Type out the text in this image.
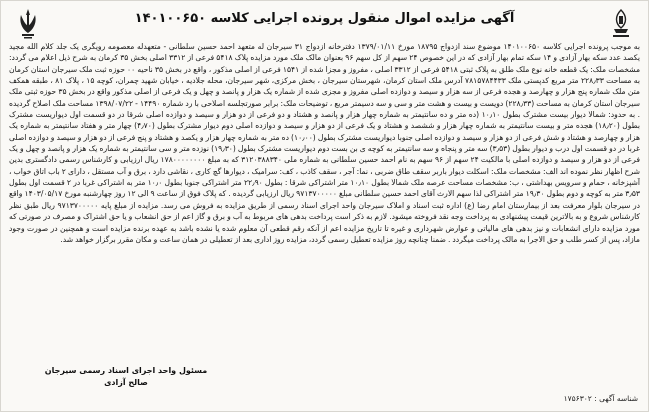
آگهی مزایده اموال منقول پرونده اجرایی کلاسه ۱۴۰۱۰۰۶۵۰
به موجب پرونده اجرایی کلاسه ۱۴۰۱۰۰۶۵۰ موضوع سند ازدواج ۱۸۷۹۵ مورخ ۱۳۷۹/۰۱/۱۱ دفترخانه ازدواج ۳۱ سیرجان له متعهد احمد حسین سلطانی - متعهدله معصومه رویگری یک جلد کلام الله مجید یکصد عدد سکه بهار آزادی و ۱۴ سکه تمام بهار آزادی که در این خصوص ۲۴ سهم از کل سهم ۹۶ بعنوان مالک ملک مورد مزایده پلاک ۵۴۱۸ فرعی از ۳۳۱۲ اصلی بخش ۳۵ کرمان به شرح ذیل اعلام می گردد: مشخصات ملک: یک قطعه خانه نوع ملک طلق به پلاک ثبتی ۵۴۱۸ فرعی از ۳۳۱۲ اصلی ، مفروز و مجزا شده از ۱۵۴۱ فرعی از اصلی مذکور ، واقع در بخش ۳۵ ناحیه ۰۰ حوزه ثبت ملک سیرجان استان کرمان به مساحت ۲۲۸٫۳۳ متر مربع کدپستی ملک ۷۸۱۵۷۸۴۴۳۳ آدرس ملک استان کرمان، شهرستان سیرجان ، بخش مرکزی، شهر سیرجان، محله جلادیه ، خیابان شهید چمران، کوچه ۱۵ ، پلاک ۸۱ ، طبقه همکف متن ملک شماره پنج هزار و چهارصد و هجده فرعی از سه هزار و سیصد و دوازده اصلی مفروز و مجزی شده از شماره یک هزار و پانصد و چهل و یک فرعی از اصلی مذکور واقع در بخش ۳۵ حوزه ثبتی ملک سیرجان استان کرمان به مساحت (۲۲۸٫۳۳) دویست و بیست و هشت متر و سی و سه دسیمتر مربع ، توضیحات ملک: برابر صورتجلسه اصلاحی با رد شماره ۱۴۴۹۰ - ۱۳۹۸/۰۷/۲۲ مساحت ملک اصلاح گردیده . به حدود: شمالا دیوار بیست مشترک بطول ۱۰٫۱۰ (ده متر و ده سانتیمتر به شماره چهار هزار و پانصد و هشتاد و دو فرعی از دو هزار و سیصد و دوازده اصلی شرقا در دو قسمت اول دیواریست مشترک بطول (۱۸٫۲۰) هجده متر و بیست سانتیمتر به شماره چهار هزار و ششصد و هشتاد و یک فرعی از دو هزار و سیصد و دوازده اصلی دوم دیوار مشترک بطول (۴٫۷۰) چهار متر و هفتاد سانتیمتر به شماره یک هزار و چهارصد و هشتاد و شش فرعی از دو هزار و سیصد و دوازده اصلی جنوبا دیواریست مشترک بطول (۱۰٫۰۰) ده متر به شماره چهار هزار و یکصد و هشتاد و پنج فرعی از دو هزار و سیصد و دوازده اصلی غربا در دو قسمت اول درب و دیوار بطول (۳٫۵۳) سه متر و پنجاه و سه سانتیمتر به کوچه ی بن بست دوم دیواریست مشترک بطول (۱۹٫۳۰) نوزده متر و سی سانتیمتر به شماره یک هزار و پانصد و چهل و یک فرعی از دو هزار و سیصد و دوازده اصلی با مالکیت ۲۴ سهم از ۹۶ سهم به نام احمد حسین سلطانی به شماره ملی ۳۱۲۰۳۸۸۳۴۰ که به مبلغ ۱۷۸۰۰۰۰۰۰۰۰ ریال ارزیابی و کارشناس رسمی دادگستری بدین شرح اظهار نظر نموده اند الف: مشخصات ملک: اسکلت دیوار باربر سقف طاق ضربی ، نما: آجر ، سقف کاذب ، کف: سرامیک ، دیوارها گچ کاری ، نقاشی دارد ، برق و آب مستقل ، دارای ۲ باب اتاق خواب ، آشپزخانه ، حمام و سرویس بهداشتی ، ب: مشخصات مساحت عرصه ملک شمالا بطول ۱۰٫۱۰ متر اشتراکی شرقا : بطول ۲۲٫۹۰ متر اشتراکی جنوبا بطول ۱۰٫۰ متر به اشتراکی غربا در ۲ قسمت اول بطول ۳٫۵۳ متر به کوچه و دوم بطول ۱۹٫۳۰ متر اشتراکی لذا سهم الارث آقای احمد حسین سلطانی مبلغ ۹۷۱۳۷۰۰۰۰۰ ریال ارزیابی گردیده . که پلاک فوق از ساعت ۹ الی ۱۲ روز چهارشنبه مورخ ۱۴۰۳/۰۵/۱۷ واقع در سیرجان بلوار معرفت بعد از بیمارستان امام رضا (ع) اداره ثبت اسناد و املاک سیرجان واحد اجرای اسناد رسمی از طریق مزایده به فروش می رسد. مزایده از مبلغ پایه ۹۷۱۳۷۰۰۰۰۰ ریال طبق نظر کارشناس شروع و به بالاترین قیمت پیشنهادی به پرداخت وجه نقد فروخته میشود. لازم به ذکر است پرداخت بدهی های مربوط به آب و برق و گاز اعم از حق انشعاب و یا حق اشتراک و مصرف در صورتی که مورد مزایده دارای انشعابات و نیز بدهی های مالیاتی و عوارض شهرداری و غیره تا تاریخ مزایده اعم از آنکه رقم قطعی آن معلوم شده یا نشده باشد به عهده برنده مزایده است و همچنین در صورت وجود مازاد، پس از کسر طلب و حق الاجرا به مالک پرداخت میگردد . ضمنا چنانچه روز مزایده تعطیل رسمی گردد، مزایده روز اداری بعد از تعطیلی در همان ساعت و مکان مقرر برگزار خواهد شد.
مسئول واحد اجرای اسناد رسمی سیرجان
صالح آزادی
شناسه آگهی : ۱۷۵۶۳۰۲
